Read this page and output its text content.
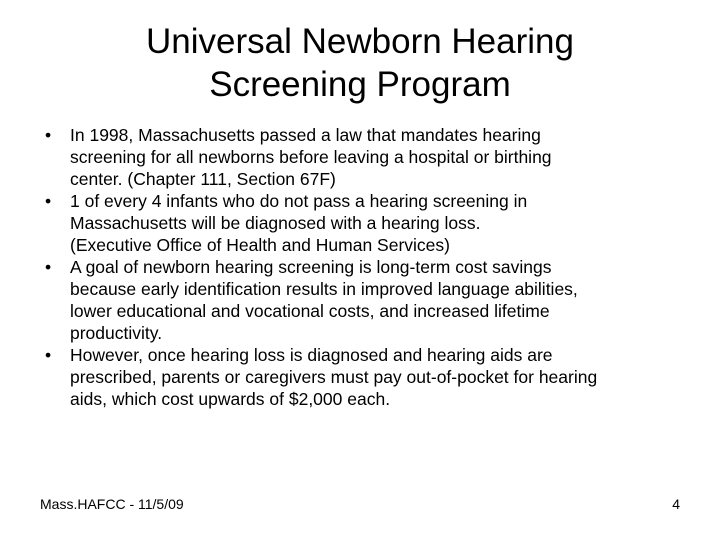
Universal Newborn Hearing
Screening Program
• In 1998, Massachusetts passed a law that mandates hearing
screening for all newborns before leaving a hospital or birthing
center. (Chapter 111, Section 67F)
• 1 of every 4 infants who do not pass a hearing screening in
Massachusetts will be diagnosed with a hearing loss.
(Executive Office of Health and Human Services)
• A goal of newborn hearing screening is long-term cost savings
because early identification results in improved language abilities,
lower educational and vocational costs, and increased lifetime
productivity.
• However, once hearing loss is diagnosed and hearing aids are
prescribed, parents or caregivers must pay out-of-pocket for hearing
aids, which cost upwards of $2,000 each.
Mass.HAFCC - 11/5/09	4
